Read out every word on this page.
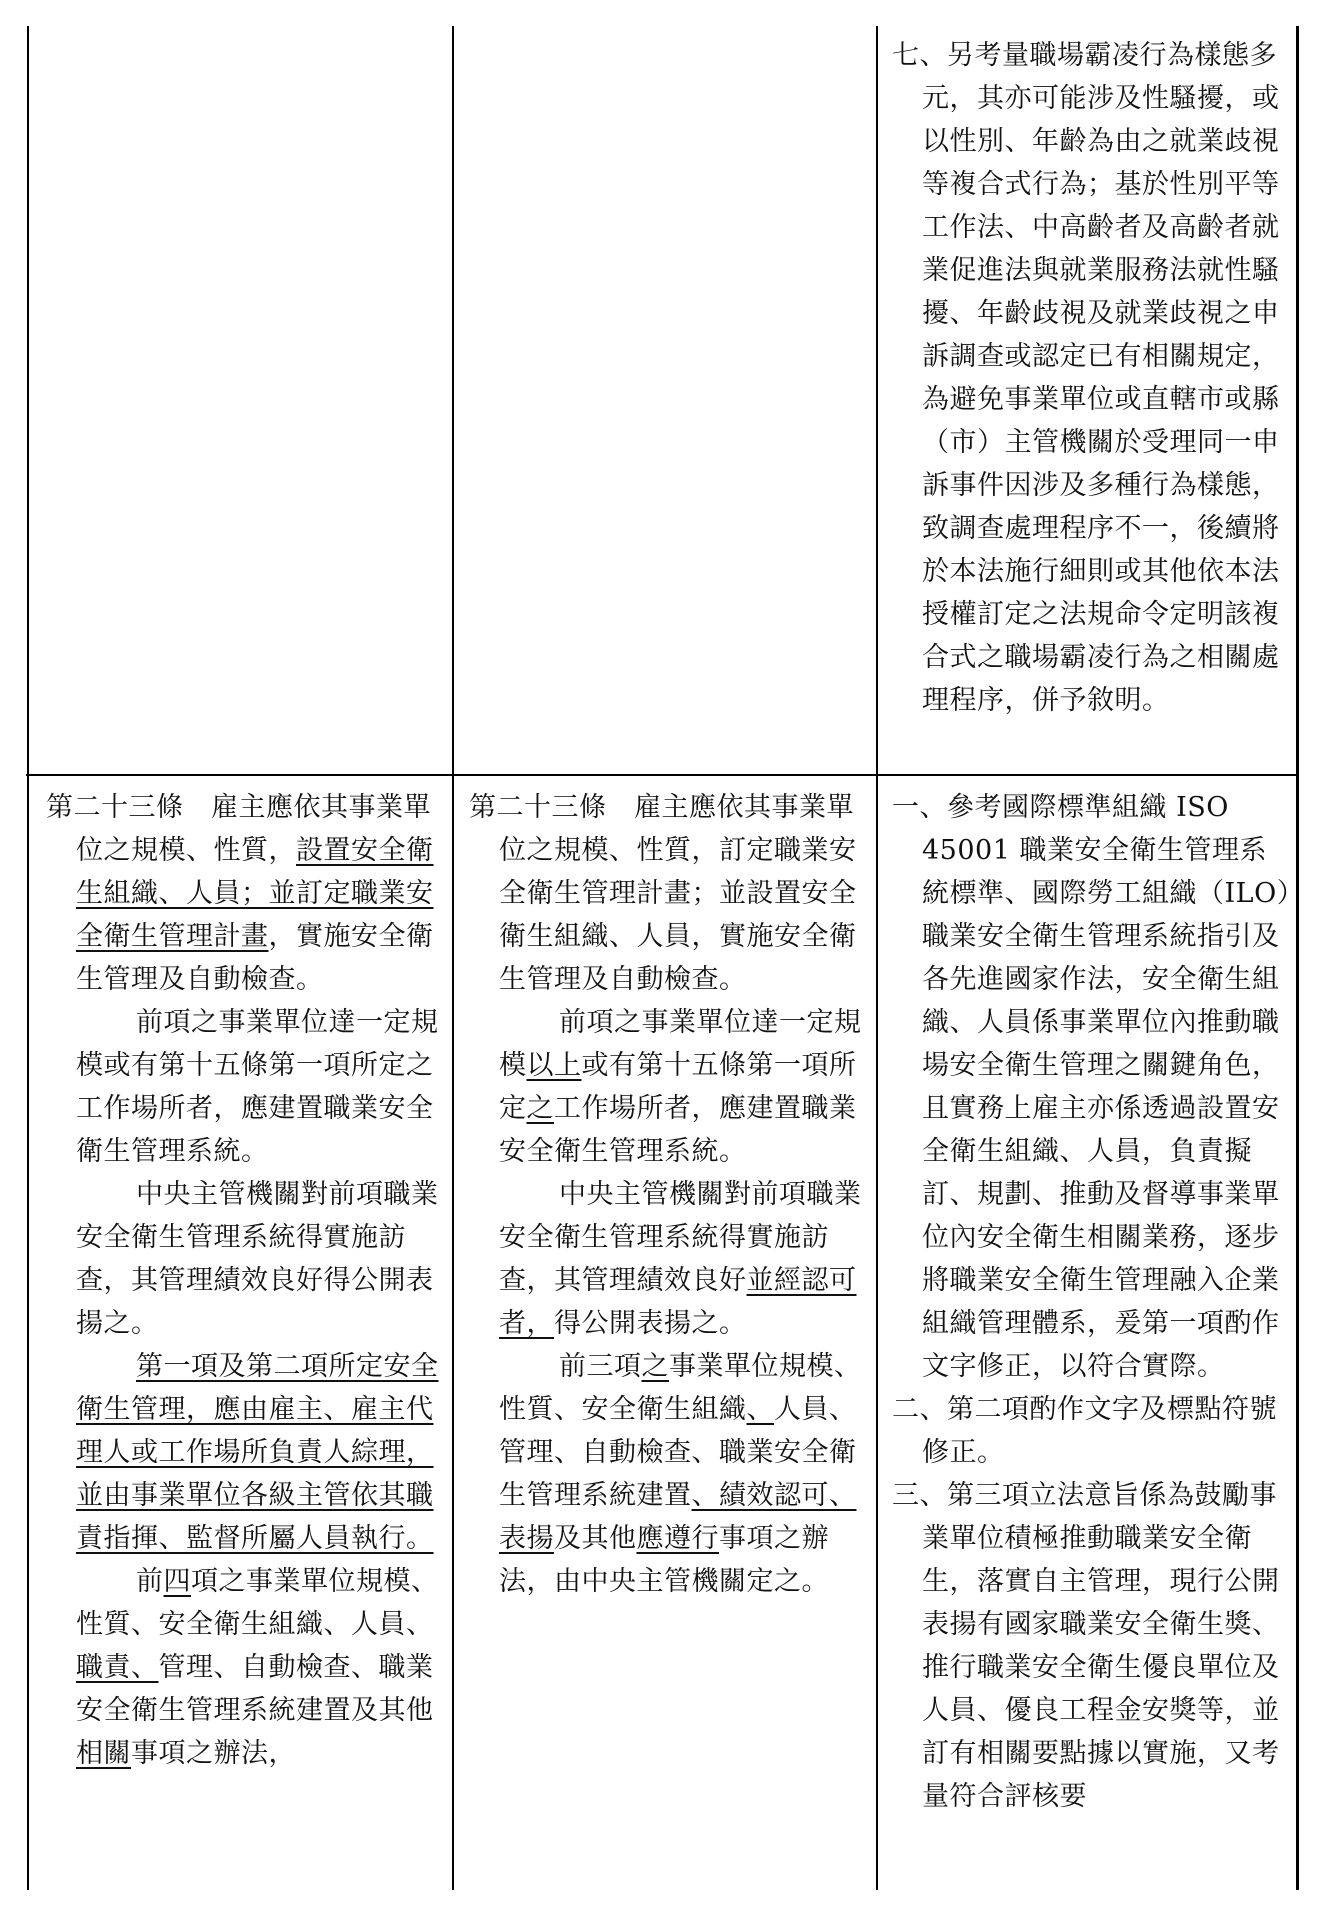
七、另考量職場霸凌行為樣態多元，其亦可能涉及性騷擾，或以性別、年齡為由之就業歧視等複合式行為；基於性別平等工作法、中高齡者及高齡者就業促進法與就業服務法就性騷擾、年齡歧視及就業歧視之申訴調查或認定已有相關規定，為避免事業單位或直轄市或縣（市）主管機關於受理同一申訴事件因涉及多種行為樣態，致調查處理程序不一，後續將於本法施行細則或其他依本法授權訂定之法規命令定明該複合式之職場霸凌行為之相關處理程序，併予敘明。

第二十三條　雇主應依其事業單位之規模、性質，設置安全衛生組織、人員；並訂定職業安全衛生管理計畫，實施安全衛生管理及自動檢查。

前項之事業單位達一定規模或有第十五條第一項所定之工作場所者，應建置職業安全衛生管理系統。

中央主管機關對前項職業安全衛生管理系統得實施訪查，其管理績效良好得公開表揚之。

第一項及第二項所定安全衛生管理，應由雇主、雇主代理人或工作場所負責人綜理，並由事業單位各級主管依其職責指揮、監督所屬人員執行。

前四項之事業單位規模、性質、安全衛生組織、人員、職責、管理、自動檢查、職業安全衛生管理系統建置及其他相關事項之辦法，

第二十三條　雇主應依其事業單位之規模、性質，訂定職業安全衛生管理計畫；並設置安全衛生組織、人員，實施安全衛生管理及自動檢查。

前項之事業單位達一定規模以上或有第十五條第一項所定之工作場所者，應建置職業安全衛生管理系統。

中央主管機關對前項職業安全衛生管理系統得實施訪查，其管理績效良好並經認可者，得公開表揚之。

前三項之事業單位規模、性質、安全衛生組織、人員、管理、自動檢查、職業安全衛生管理系統建置、績效認可、表揚及其他應遵行事項之辦法，由中央主管機關定之。

一、參考國際標準組織 ISO 45001 職業安全衛生管理系統標準、國際勞工組織（ILO）職業安全衛生管理系統指引及各先進國家作法，安全衛生組織、人員係事業單位內推動職場安全衛生管理之關鍵角色，且實務上雇主亦係透過設置安全衛生組織、人員，負責擬訂、規劃、推動及督導事業單位內安全衛生相關業務，逐步將職業安全衛生管理融入企業組織管理體系，爰第一項酌作文字修正，以符合實際。

二、第二項酌作文字及標點符號修正。

三、第三項立法意旨係為鼓勵事業單位積極推動職業安全衛生，落實自主管理，現行公開表揚有國家職業安全衛生獎、推行職業安全衛生優良單位及人員、優良工程金安獎等，並訂有相關要點據以實施，又考量符合評核要
